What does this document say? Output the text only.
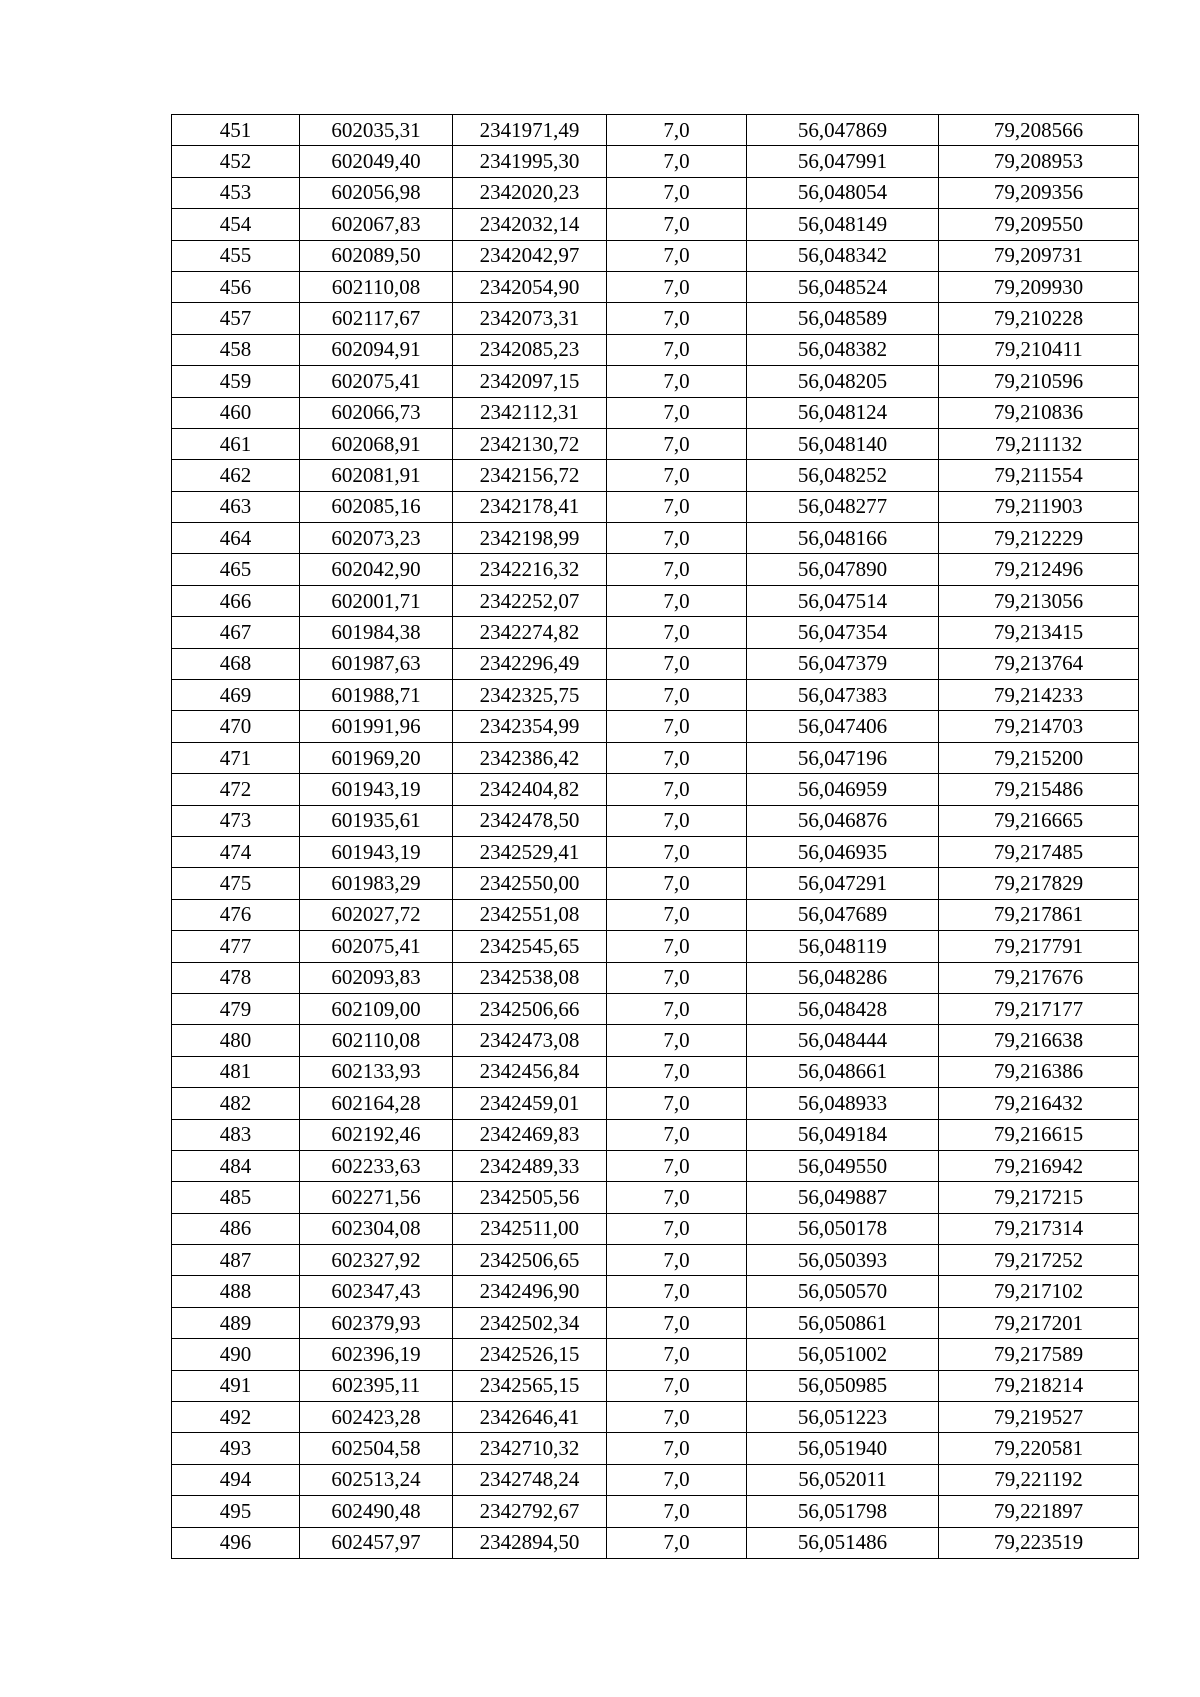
451	602035,31	2341971,49	7,0	56,047869	79,208566
452	602049,40	2341995,30	7,0	56,047991	79,208953
453	602056,98	2342020,23	7,0	56,048054	79,209356
454	602067,83	2342032,14	7,0	56,048149	79,209550
455	602089,50	2342042,97	7,0	56,048342	79,209731
456	602110,08	2342054,90	7,0	56,048524	79,209930
457	602117,67	2342073,31	7,0	56,048589	79,210228
458	602094,91	2342085,23	7,0	56,048382	79,210411
459	602075,41	2342097,15	7,0	56,048205	79,210596
460	602066,73	2342112,31	7,0	56,048124	79,210836
461	602068,91	2342130,72	7,0	56,048140	79,211132
462	602081,91	2342156,72	7,0	56,048252	79,211554
463	602085,16	2342178,41	7,0	56,048277	79,211903
464	602073,23	2342198,99	7,0	56,048166	79,212229
465	602042,90	2342216,32	7,0	56,047890	79,212496
466	602001,71	2342252,07	7,0	56,047514	79,213056
467	601984,38	2342274,82	7,0	56,047354	79,213415
468	601987,63	2342296,49	7,0	56,047379	79,213764
469	601988,71	2342325,75	7,0	56,047383	79,214233
470	601991,96	2342354,99	7,0	56,047406	79,214703
471	601969,20	2342386,42	7,0	56,047196	79,215200
472	601943,19	2342404,82	7,0	56,046959	79,215486
473	601935,61	2342478,50	7,0	56,046876	79,216665
474	601943,19	2342529,41	7,0	56,046935	79,217485
475	601983,29	2342550,00	7,0	56,047291	79,217829
476	602027,72	2342551,08	7,0	56,047689	79,217861
477	602075,41	2342545,65	7,0	56,048119	79,217791
478	602093,83	2342538,08	7,0	56,048286	79,217676
479	602109,00	2342506,66	7,0	56,048428	79,217177
480	602110,08	2342473,08	7,0	56,048444	79,216638
481	602133,93	2342456,84	7,0	56,048661	79,216386
482	602164,28	2342459,01	7,0	56,048933	79,216432
483	602192,46	2342469,83	7,0	56,049184	79,216615
484	602233,63	2342489,33	7,0	56,049550	79,216942
485	602271,56	2342505,56	7,0	56,049887	79,217215
486	602304,08	2342511,00	7,0	56,050178	79,217314
487	602327,92	2342506,65	7,0	56,050393	79,217252
488	602347,43	2342496,90	7,0	56,050570	79,217102
489	602379,93	2342502,34	7,0	56,050861	79,217201
490	602396,19	2342526,15	7,0	56,051002	79,217589
491	602395,11	2342565,15	7,0	56,050985	79,218214
492	602423,28	2342646,41	7,0	56,051223	79,219527
493	602504,58	2342710,32	7,0	56,051940	79,220581
494	602513,24	2342748,24	7,0	56,052011	79,221192
495	602490,48	2342792,67	7,0	56,051798	79,221897
496	602457,97	2342894,50	7,0	56,051486	79,223519
